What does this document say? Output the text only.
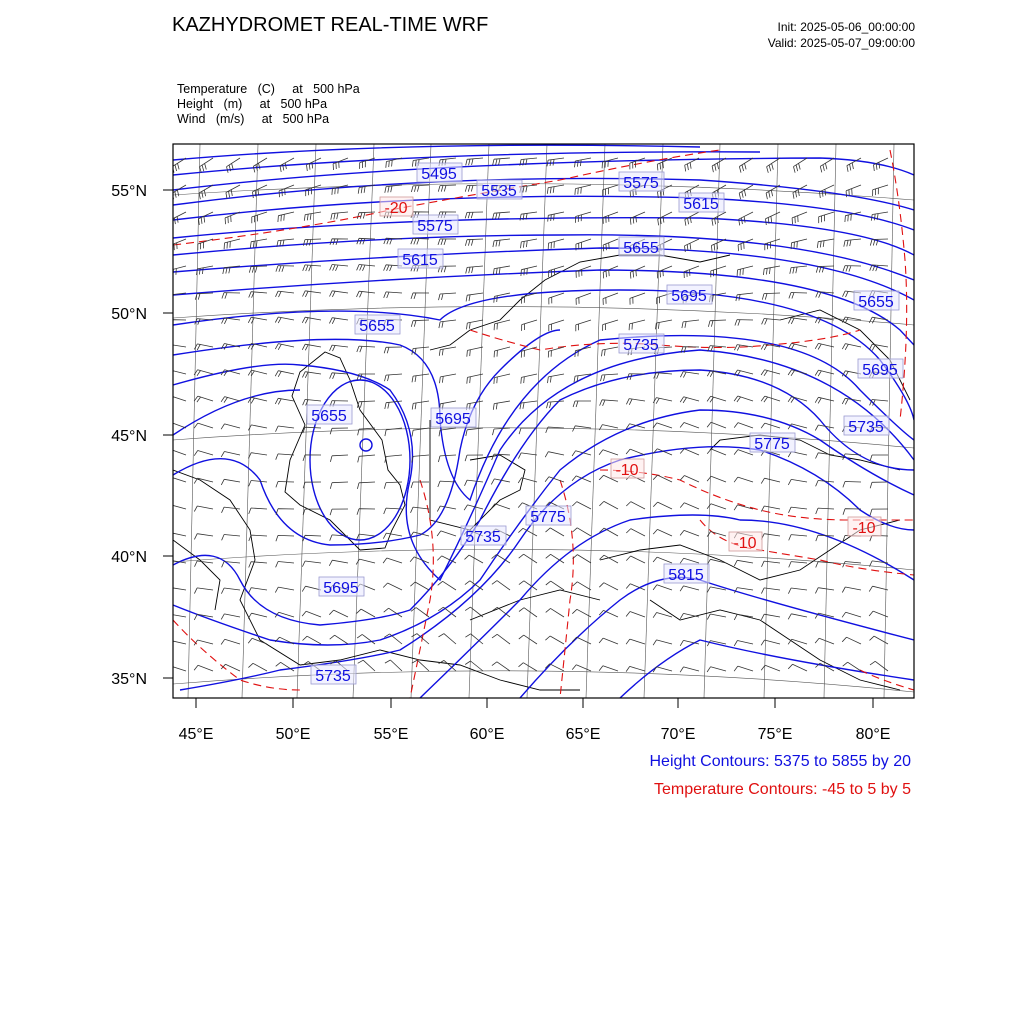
KAZHYDROMET REAL-TIME WRF	Init: 2025-05-06_00:00:00
Valid: 2025-05-07_09:00:00
Temperature   (C)     at   500 hPa
Height   (m)     at   500 hPa
Wind   (m/s)     at   500 hPa
45°E	50°E	55°E	60°E	65°E	70°E	75°E	80°E
55°N
50°N
45°N
40°N
35°N
5495
5535	5575
5575
5615
5615
5655
5655
5655
5655
5695
5695
5695
5695
5735
5735
5735
5735
5775
5775
5815
-20
-10
-10
-10
Height Contours: 5375 to 5855 by 20
Temperature Contours: -45 to 5 by 5
